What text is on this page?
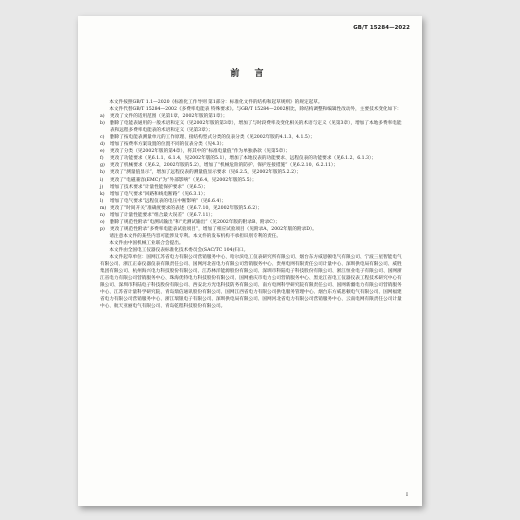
GB/T 15284—2022
前 言

本文件按照GB/T 1.1—2020《标准化工作导则 第1部分：标准化文件的结构和起草规则》的规定起草。

本文件代替GB/T 15284—2002《多费率电能表 特殊要求》。与GB/T 15284—2002相比，除结构调整和编辑性改动外，主要技术变化如下：

a)	更改了文件的适用范围（见第1章，2002年版的第1章）；
b)	删除了电能表通用的一般术语和定义（见2002年版的第3章），增加了与时段费率及变化相关的术语与定义（见第3章），增加了本地多费率电能表和远程多费率电能表的术语和定义（见第3章）；
c)	删除了按电能表测量单元的工作原理、接结构型式分类的仪表分类（见2002年版的4.1.3、4.1.5）；
d)	增加了按费率方案设置的位置不同的仪表分类（见4.3）；
e)	更改了分类（见2002年版的第4章），将其中的“标准电量值”作为单独条款（见第5章）；
f)	更改了功能要求（见6.1.1、6.1.4，见2002年版的5.1），增加了本地仪表的功能要求、远程仪表的功能要求（见6.1.2、6.1.3）；
g)	更改了机械要求（见6.2，2002年版的5.2），增加了“机械危险的防护、保护连接措施”（见6.2.10、6.2.11）；
h)	更改了“测量值显示”，增加了远程仪表的测量值显示要求（见6.2.5，见2002年版的5.2.2）；
i)	更改了“电磁兼容(EMC)”为“外部影响”（见6.4，见2002年版的5.5）；
j)	增加了技术要求“计量性能保护要求”（见6.5）；
k)	增加了电气要求“回路和线电断路”（见6.3.1）；
l)	增加了电气要求“远程仪表的电压中断影响”（见6.6.4）；
m) 更改了“时间开关”准确度要求的表述（见6.7.10，见2002年版的5.6.2）；
n)	增加了计量性能要求“组合最大误差”（见6.7.11）；
o)	删除了规范性附录“电测试输出”和“光测试输出”（见2002年版的附录B、附录C）；
p)	更改了规范性附录“多费率电能表试验项目”，增加了相应试验项目（见附录A，2002年版的附录D）。

请注意本文件的某些内容可能涉及专利。本文件的发布机构不承担识别专利的责任。

本文件由中国机械工业联合会提出。

本文件由全国电工仪器仪表标准化技术委员会(SAC/TC 104)归口。

本文件起草单位：国网江苏省电力有限公司营销服务中心、哈尔滨电工仪表研究所有限公司、烟台东方威思顿电气有限公司、宁波三星智能电气有限公司、浙江正泰仪器仪表有限责任公司、国网河北省电力有限公司营销服务中心、贵州电网有限责任公司计量中心、深圳供电局有限公司、威胜集团有限公司、杭州海兴电力科技股份有限公司、江苏林洋能源股份有限公司、深圳市科陆电子科技股份有限公司、浙江恒业电子有限公司、国网浙江省电力有限公司营销服务中心、珠海优特电力科技股份有限公司、国网重庆市电力公司营销服务中心、黑龙江省电工仪器仪表工程技术研究中心有限公司、深圳市科陆电子科技股份有限公司、西安北方光电科技防务有限公司、南方电网科学研究院有限责任公司、国网新疆电力有限公司营销服务中心、江苏省计量科学研究院、青岛鼎信通讯股份有限公司、国网江西省电力有限公司供电服务管理中心、烟台东方威思顿电气有限公司、国网福建省电力有限公司营销服务中心、浙江瑞银电子有限公司、深圳供电局有限公司、国网河北省电力有限公司营销服务中心、云南电网有限责任公司计量中心、航天亚丽电气有限公司、青岛乾程科技股份有限公司。

I
